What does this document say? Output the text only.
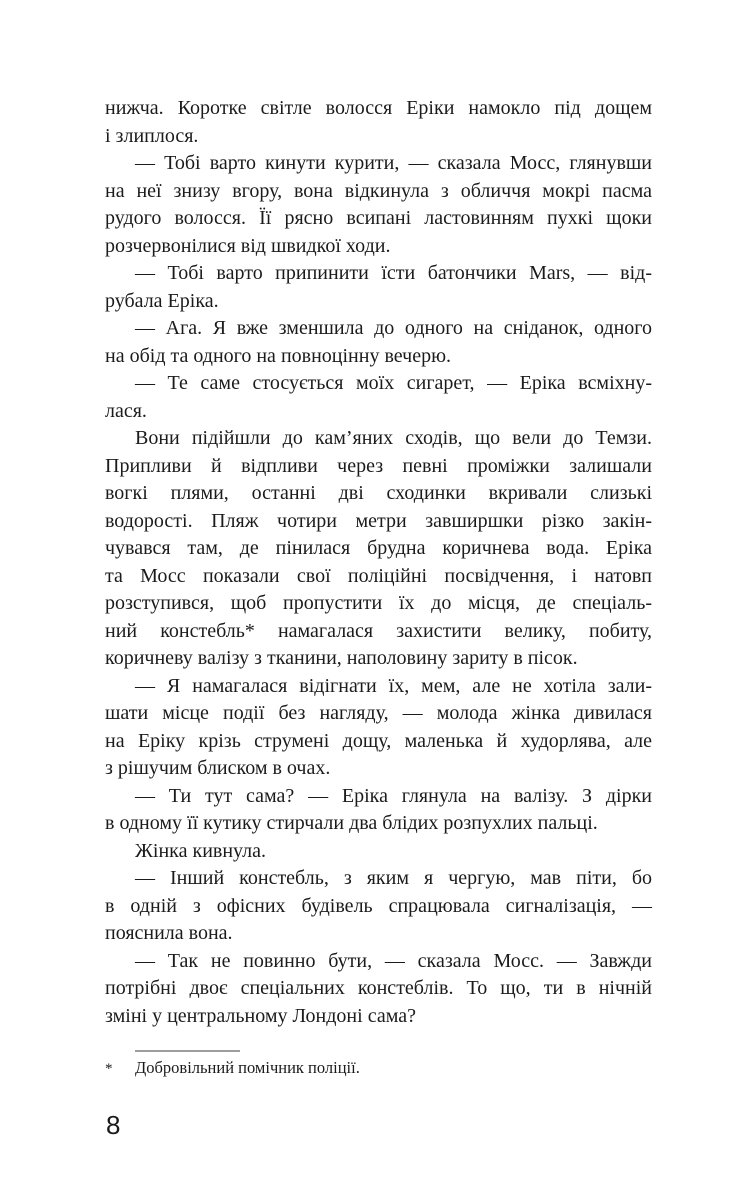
нижча. Коротке світле волосся Еріки намокло під дощем
і злиплося.
— Тобі варто кинути курити, — сказала Мосс, глянувши
на неї знизу вгору, вона відкинула з обличчя мокрі пасма
рудого волосся. Її рясно всипані ластовинням пухкі щоки
розчервонілися від швидкої ходи.
— Тобі варто припинити їсти батончики Mars, — від-
рубала Еріка.
— Ага. Я вже зменшила до одного на сніданок, одного
на обід та одного на повноцінну вечерю.
— Те саме стосується моїх сигарет, — Еріка всміхну-
лася.
Вони підійшли до кам’яних сходів, що вели до Темзи.
Припливи й відпливи через певні проміжки залишали
вогкі плями, останні дві сходинки вкривали слизькі
водорості. Пляж чотири метри завширшки різко закін-
чувався там, де пінилася брудна коричнева вода. Еріка
та Мосс показали свої поліційні посвідчення, і натовп
розступився, щоб пропустити їх до місця, де спеціаль-
ний констебль* намагалася захистити велику, побиту,
коричневу валізу з тканини, наполовину зариту в пісок.
— Я намагалася відігнати їх, мем, але не хотіла зали-
шати місце події без нагляду, — молода жінка дивилася
на Еріку крізь струмені дощу, маленька й худорлява, але
з рішучим блиском в очах.
— Ти тут сама? — Еріка глянула на валізу. З дірки
в одному її кутику стирчали два блідих розпухлих пальці.
Жінка кивнула.
— Інший констебль, з яким я чергую, мав піти, бо
в одній з офісних будівель спрацювала сигналізація, —
пояснила вона.
— Так не повинно бути, — сказала Мосс. — Завжди
потрібні двоє спеціальних констеблів. То що, ти в нічній
зміні у центральному Лондоні сама?
* Добровільний помічник поліції.
8
